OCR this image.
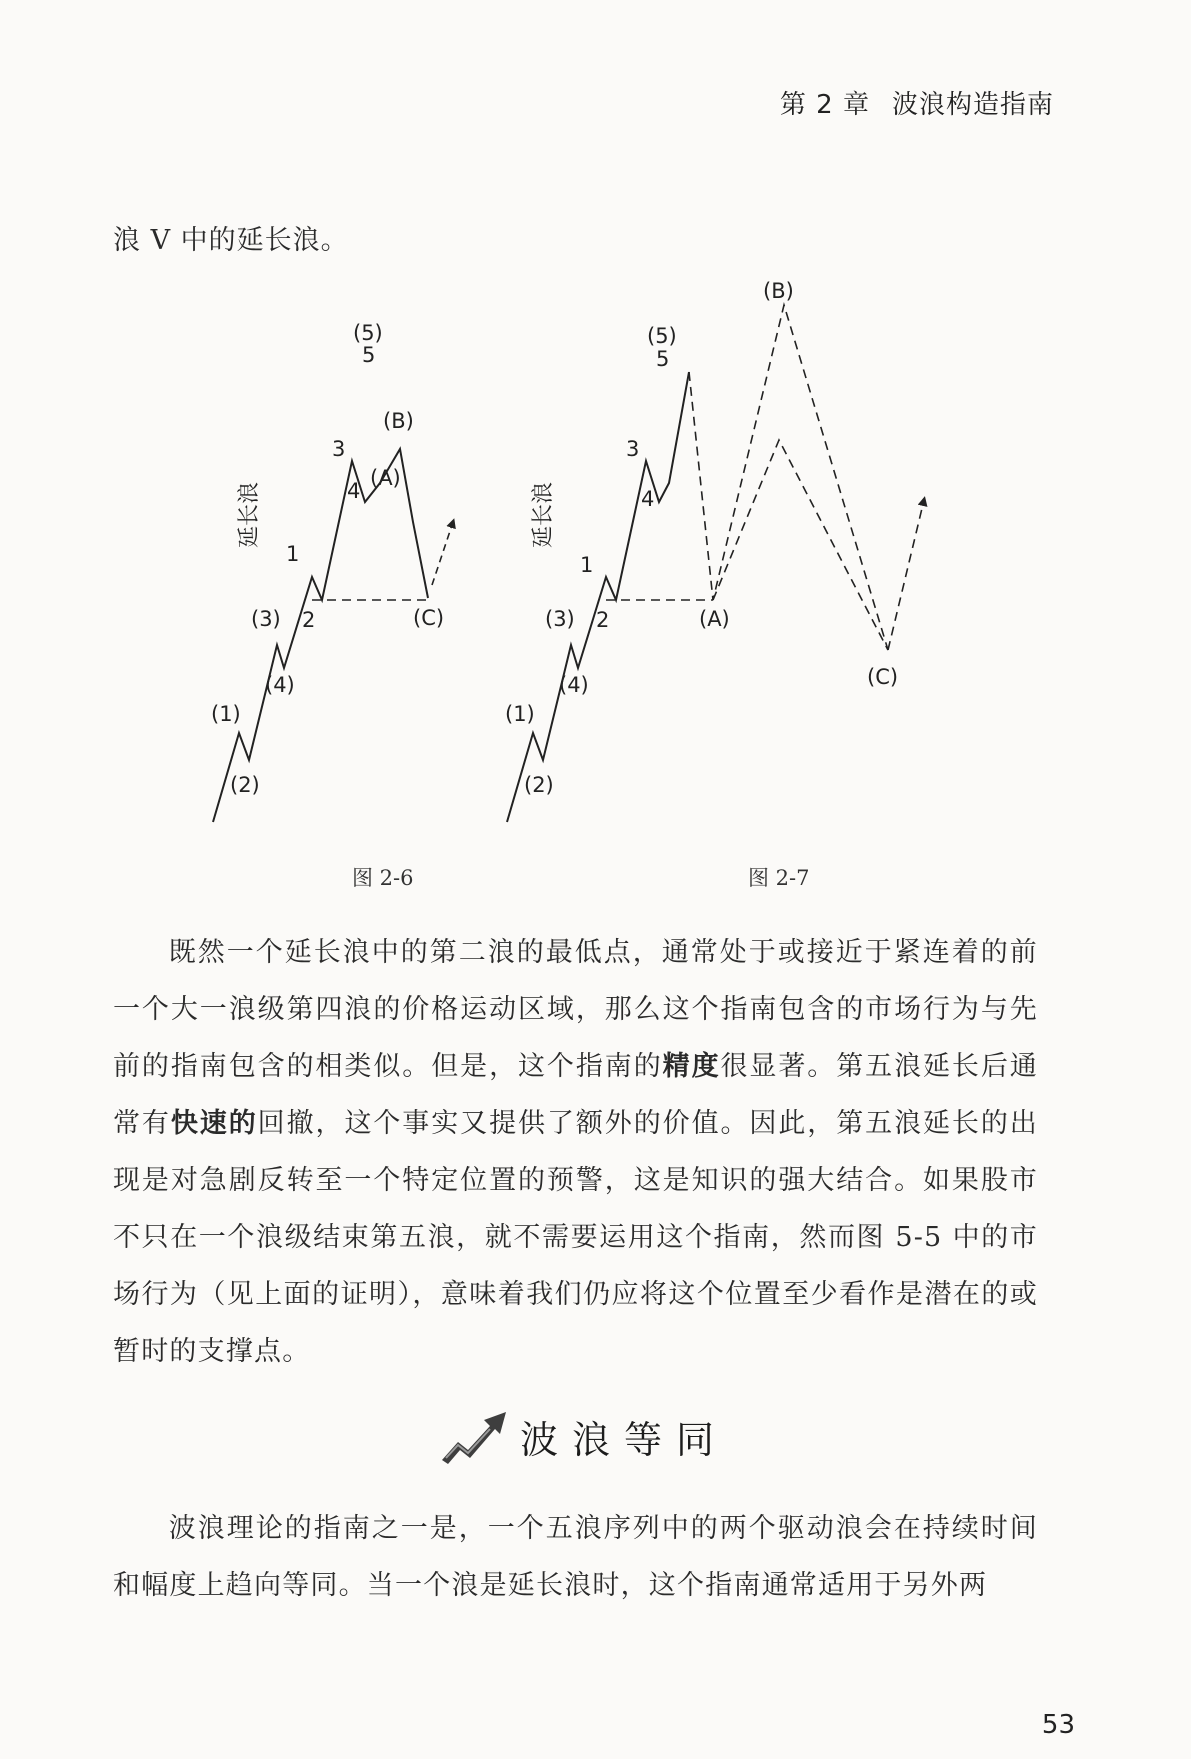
第 2 章 波浪构造指南
浪 V 中的延长浪。
(1)
(2)
(3)
(4)
(5)
1
2
3
4
5
(A)
(B)
(C)
延长浪
(1)
(2)
(3)
(4)
(5)
1
2
3
4
5
(A)
(B)
(C)
延长浪
图 2-6	图 2-7

既然一个延长浪中的第二浪的最低点，通常处于或接近于紧连着的前一个大一浪级第四浪的价格运动区域，那么这个指南包含的市场行为与先前的指南包含的相类似。但是，这个指南的精度很显著。第五浪延长后通常有快速的回撤，这个事实又提供了额外的价值。因此，第五浪延长的出现是对急剧反转至一个特定位置的预警，这是知识的强大结合。如果股市不只在一个浪级结束第五浪，就不需要运用这个指南，然而图 5-5 中的市场行为（见上面的证明），意味着我们仍应将这个位置至少看作是潜在的或暂时的支撑点。

波浪等同

波浪理论的指南之一是，一个五浪序列中的两个驱动浪会在持续时间和幅度上趋向等同。当一个浪是延长浪时，这个指南通常适用于另外两

53
